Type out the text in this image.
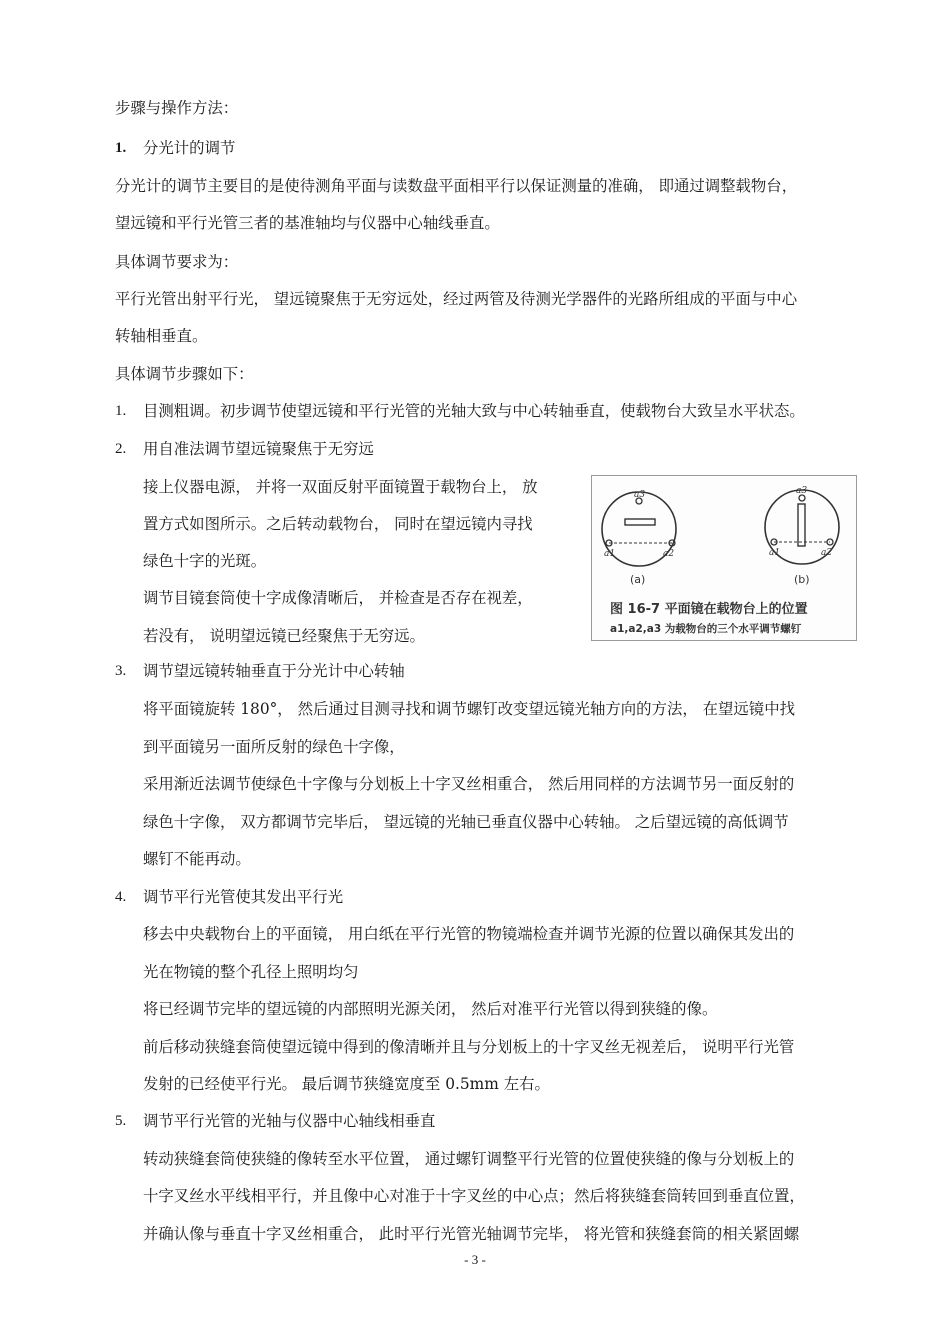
步骤与操作方法：
1. 分光计的调节
分光计的调节主要目的是使待测角平面与读数盘平面相平行以保证测量的准确， 即通过调整载物台，
望远镜和平行光管三者的基准轴均与仪器中心轴线垂直。
具体调节要求为：
平行光管出射平行光， 望远镜聚焦于无穷远处，经过两管及待测光学器件的光路所组成的平面与中心
转轴相垂直。
具体调节步骤如下：
1. 目测粗调。初步调节使望远镜和平行光管的光轴大致与中心转轴垂直，使载物台大致呈水平状态。
2. 用自准法调节望远镜聚焦于无穷远
接上仪器电源， 并将一双面反射平面镜置于载物台上， 放
置方式如图所示。之后转动载物台， 同时在望远镜内寻找
绿色十字的光斑。
调节目镜套筒使十字成像清晰后， 并检查是否存在视差，
若没有， 说明望远镜已经聚焦于无穷远。
a3
a1	a2
(a)
a3
a1	a2
(b)
图 16-7 平面镜在载物台上的位置
a1,a2,a3 为载物台的三个水平调节螺钉
3. 调节望远镜转轴垂直于分光计中心转轴
将平面镜旋转 180°， 然后通过目测寻找和调节螺钉改变望远镜光轴方向的方法， 在望远镜中找
到平面镜另一面所反射的绿色十字像，
采用渐近法调节使绿色十字像与分划板上十字叉丝相重合， 然后用同样的方法调节另一面反射的
绿色十字像， 双方都调节完毕后， 望远镜的光轴已垂直仪器中心转轴。 之后望远镜的高低调节
螺钉不能再动。
4. 调节平行光管使其发出平行光
移去中央载物台上的平面镜， 用白纸在平行光管的物镜端检查并调节光源的位置以确保其发出的
光在物镜的整个孔径上照明均匀
将已经调节完毕的望远镜的内部照明光源关闭， 然后对准平行光管以得到狭缝的像。
前后移动狭缝套筒使望远镜中得到的像清晰并且与分划板上的十字叉丝无视差后， 说明平行光管
发射的已经使平行光。 最后调节狭缝宽度至 0.5mm 左右。
5. 调节平行光管的光轴与仪器中心轴线相垂直
转动狭缝套筒使狭缝的像转至水平位置， 通过螺钉调整平行光管的位置使狭缝的像与分划板上的
十字叉丝水平线相平行，并且像中心对准于十字叉丝的中心点；然后将狭缝套筒转回到垂直位置，
并确认像与垂直十字叉丝相重合， 此时平行光管光轴调节完毕， 将光管和狭缝套筒的相关紧固螺
- 3 -
